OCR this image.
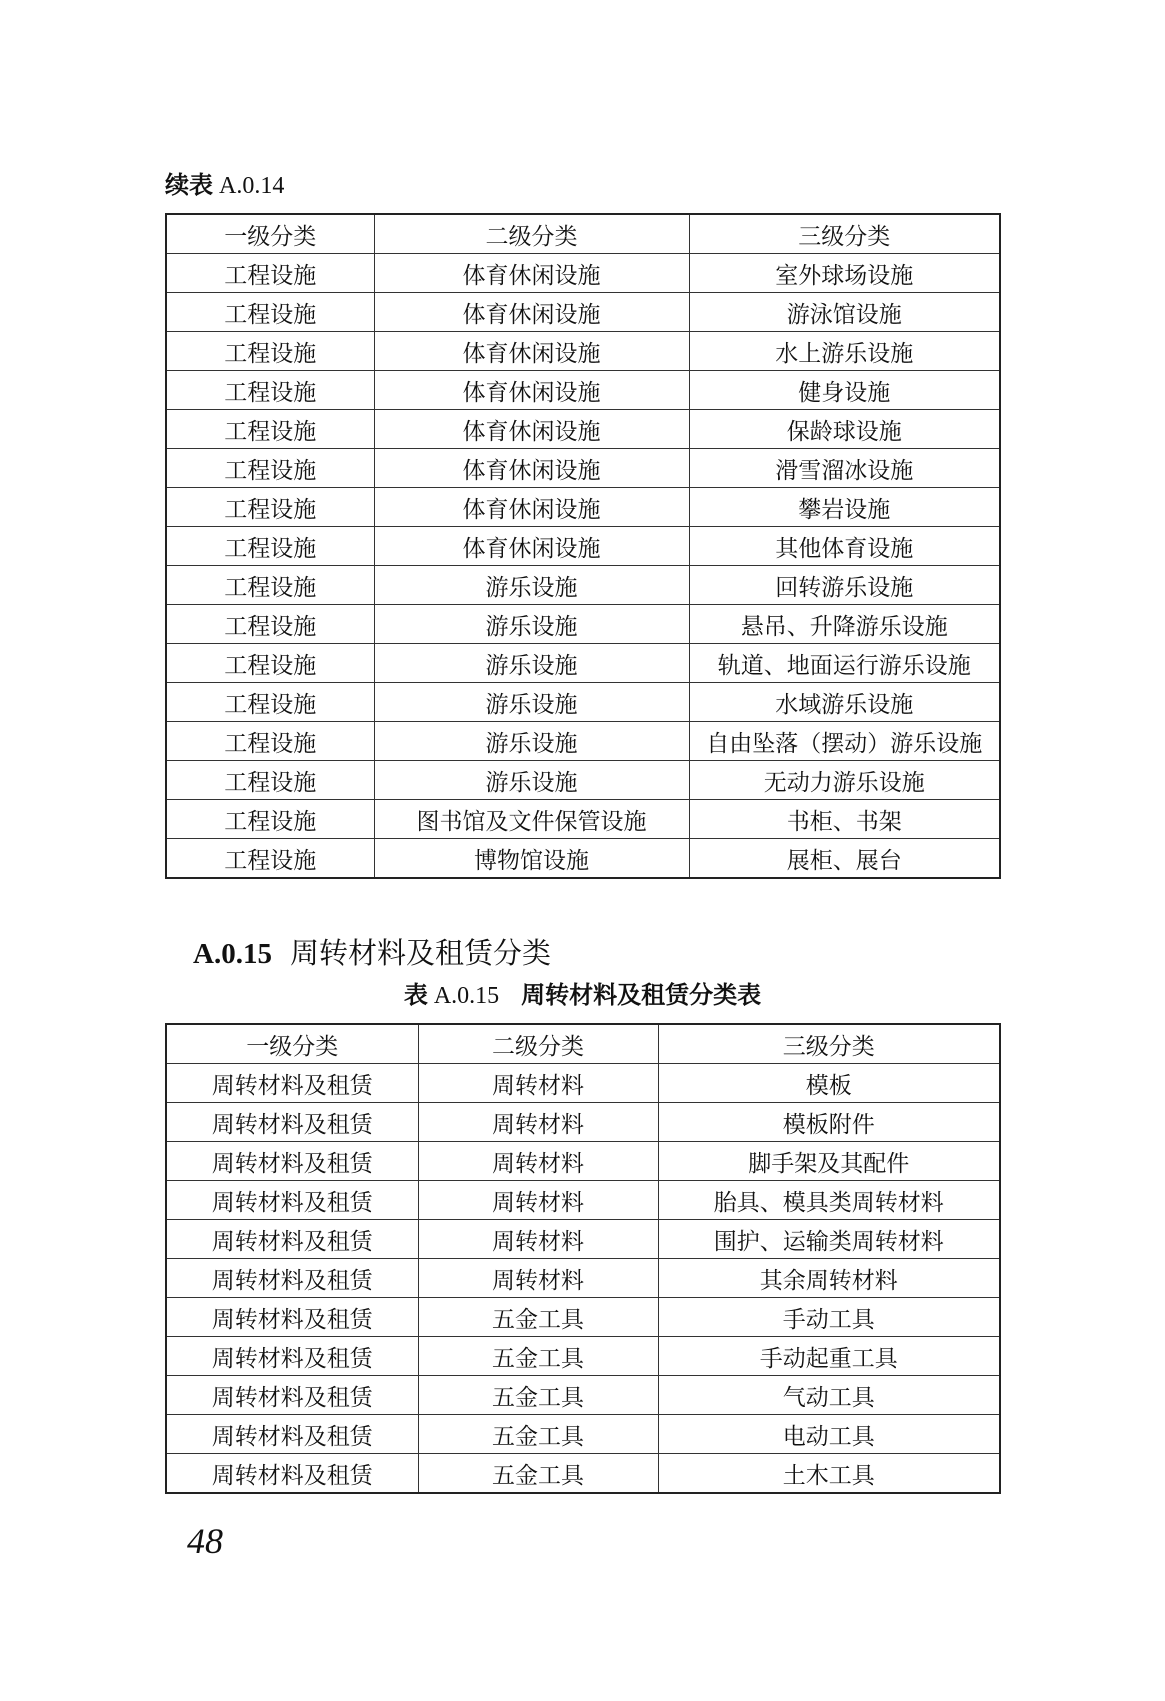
续表 A.0.14
一级分类	二级分类	三级分类
工程设施	体育休闲设施	室外球场设施
工程设施	体育休闲设施	游泳馆设施
工程设施	体育休闲设施	水上游乐设施
工程设施	体育休闲设施	健身设施
工程设施	体育休闲设施	保龄球设施
工程设施	体育休闲设施	滑雪溜冰设施
工程设施	体育休闲设施	攀岩设施
工程设施	体育休闲设施	其他体育设施
工程设施	游乐设施	回转游乐设施
工程设施	游乐设施	悬吊、升降游乐设施
工程设施	游乐设施	轨道、地面运行游乐设施
工程设施	游乐设施	水域游乐设施
工程设施	游乐设施	自由坠落（摆动）游乐设施
工程设施	游乐设施	无动力游乐设施
工程设施	图书馆及文件保管设施	书柜、书架
工程设施	博物馆设施	展柜、展台
A.0.15 周转材料及租赁分类
表 A.0.15 周转材料及租赁分类表
一级分类	二级分类	三级分类
周转材料及租赁	周转材料	模板
周转材料及租赁	周转材料	模板附件
周转材料及租赁	周转材料	脚手架及其配件
周转材料及租赁	周转材料	胎具、模具类周转材料
周转材料及租赁	周转材料	围护、运输类周转材料
周转材料及租赁	周转材料	其余周转材料
周转材料及租赁	五金工具	手动工具
周转材料及租赁	五金工具	手动起重工具
周转材料及租赁	五金工具	气动工具
周转材料及租赁	五金工具	电动工具
周转材料及租赁	五金工具	土木工具
48
